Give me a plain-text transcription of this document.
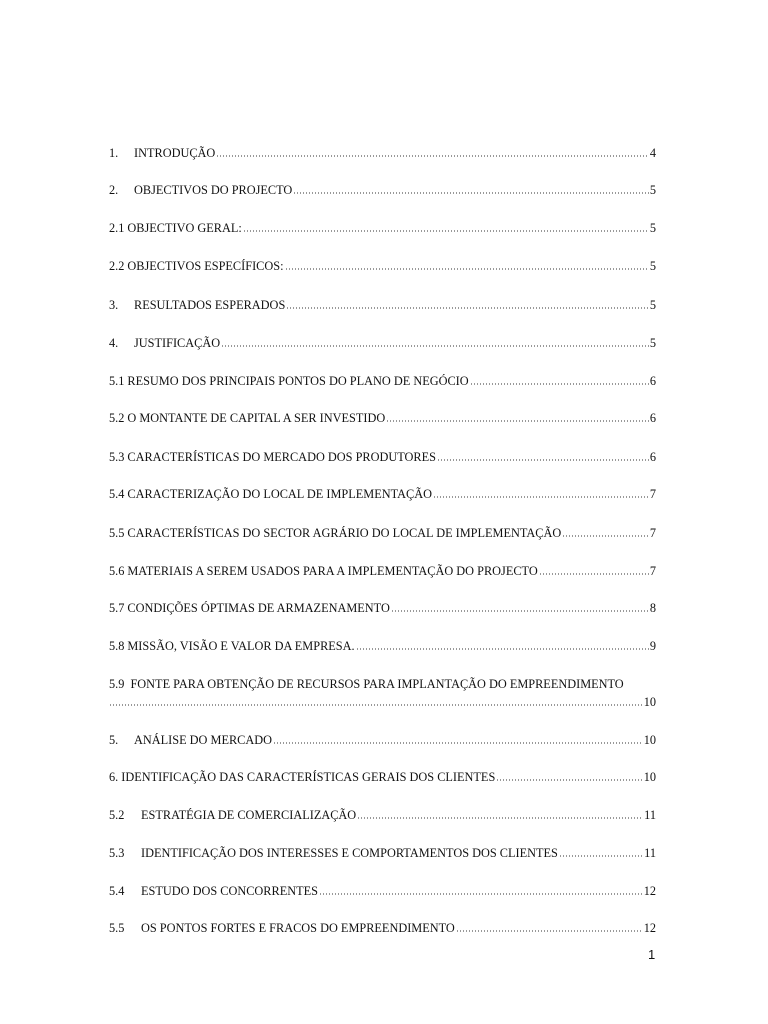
1.	INTRODUÇÃO	4
2.	OBJECTIVOS DO PROJECTO	5
2.1 OBJECTIVO GERAL:	5
2.2 OBJECTIVOS ESPECÍFICOS:	5
3.	RESULTADOS ESPERADOS	5
4.	JUSTIFICAÇÃO	5
5.1 RESUMO DOS PRINCIPAIS PONTOS DO PLANO DE NEGÓCIO	6
5.2 O MONTANTE DE CAPITAL A SER INVESTIDO	6
5.3 CARACTERÍSTICAS DO MERCADO DOS PRODUTORES	6
5.4 CARACTERIZAÇÃO DO LOCAL DE IMPLEMENTAÇÃO	7
5.5 CARACTERÍSTICAS DO SECTOR AGRÁRIO DO LOCAL DE IMPLEMENTAÇÃO	7
5.6 MATERIAIS A SEREM USADOS PARA A IMPLEMENTAÇÃO DO PROJECTO	7
5.7 CONDIÇÕES ÓPTIMAS DE ARMAZENAMENTO	8
5.8 MISSÃO, VISÃO E VALOR DA EMPRESA.	9
5.9 FONTE PARA OBTENÇÃO DE RECURSOS PARA IMPLANTAÇÃO DO EMPREENDIMENTO
10
5.	ANÁLISE DO MERCADO	10
6. IDENTIFICAÇÃO DAS CARACTERÍSTICAS GERAIS DOS CLIENTES	10
5.2	ESTRATÉGIA DE COMERCIALIZAÇÃO	11
5.3	IDENTIFICAÇÃO DOS INTERESSES E COMPORTAMENTOS DOS CLIENTES	11
5.4	ESTUDO DOS CONCORRENTES	12
5.5	OS PONTOS FORTES E FRACOS DO EMPREENDIMENTO	12
1
